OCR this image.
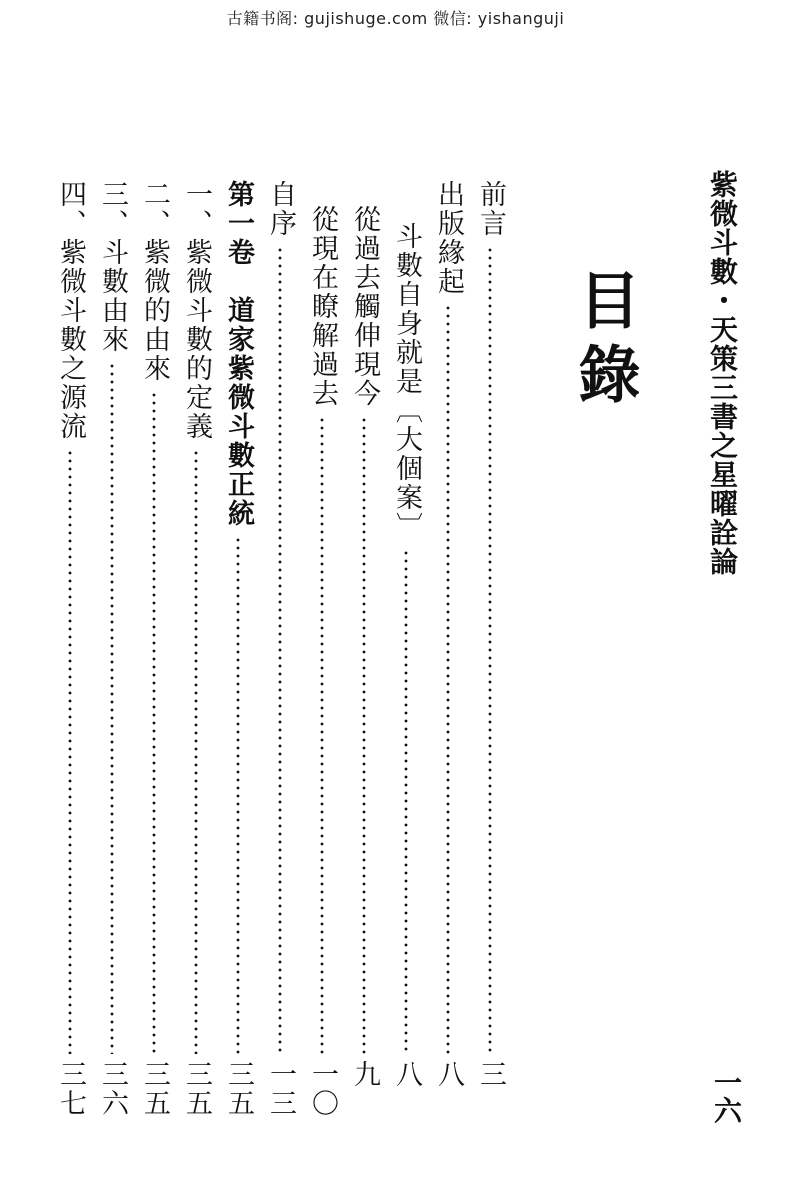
古籍书阁: gujishuge.com 微信: yishanguji
紫微斗數・天策三書之星曜詮論
一六
目錄
前言
三
出版緣起
八
斗數自身就是〔大個案〕
八
從過去觸伸現今
九
從現在瞭解過去
一〇
自序
一三
第一卷　道家紫微斗數正統
三五
一、紫微斗數的定義
三五
二、紫微的由來
三五
三、斗數由來
三六
四、紫微斗數之源流
三七
